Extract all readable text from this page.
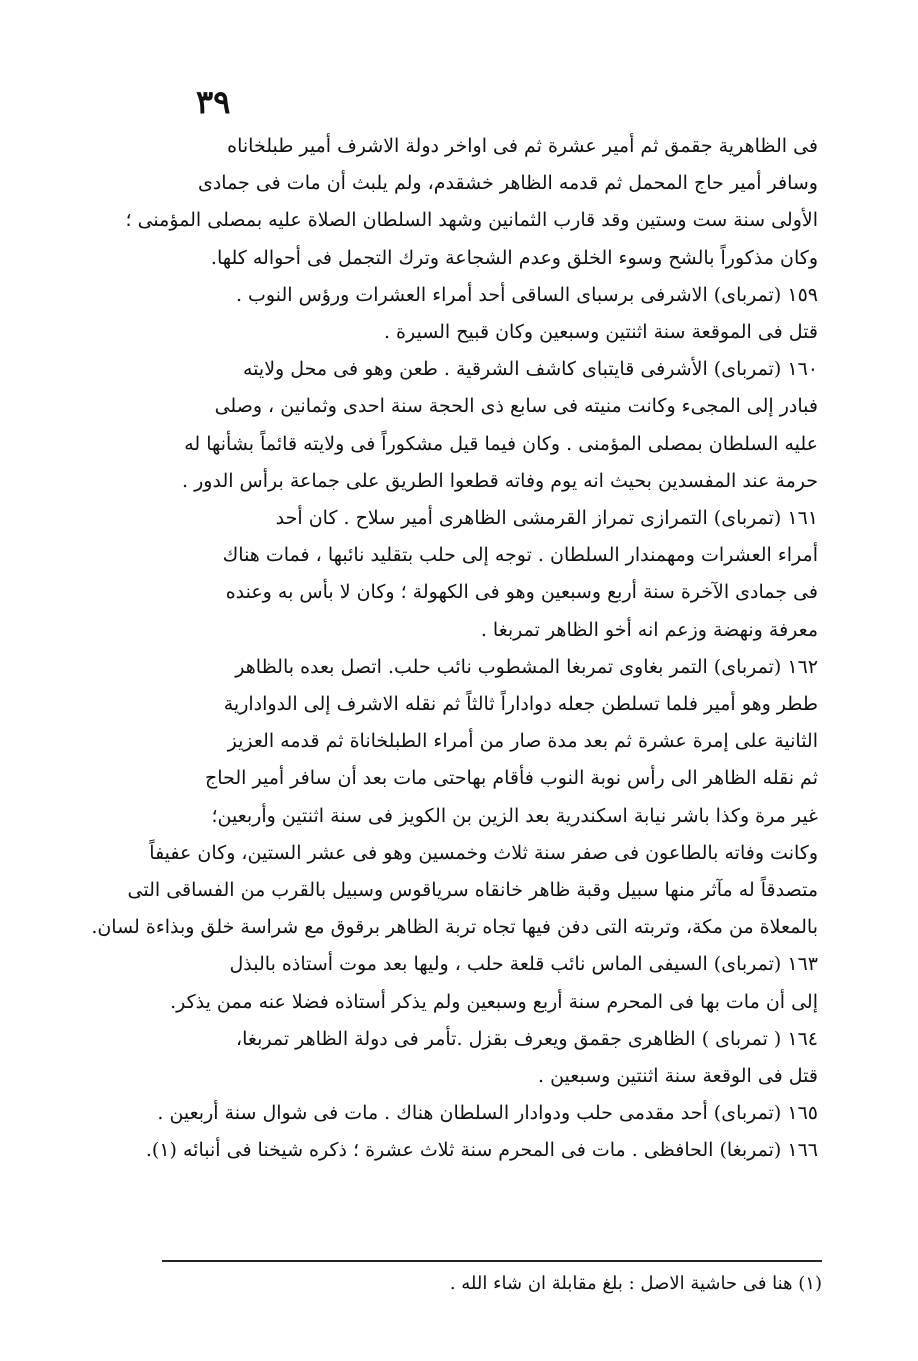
٣٩
فى الظاهرية جقمق ثم أمير عشرة ثم فى اواخر دولة الاشرف أمير طبلخاناه
وسافر أمير حاج المحمل ثم قدمه الظاهر خشقدم، ولم يلبث أن مات فى جمادى
الأولى سنة ست وستين وقد قارب الثمانين وشهد السلطان الصلاة عليه بمصلى المؤمنى ؛
وكان مذكوراً بالشح وسوء الخلق وعدم الشجاعة وترك التجمل فى أحواله كلها.
١٥٩ (تمرباى) الاشرفى برسباى الساقى أحد أمراء العشرات ورؤس النوب .
قتل فى الموقعة سنة اثنتين وسبعين وكان قبيح السيرة .
١٦٠ (تمرباى) الأشرفى قايتباى كاشف الشرقية . طعن وهو فى محل ولايته
فبادر إلى المجىء وكانت منيته فى سابع ذى الحجة سنة احدى وثمانين ، وصلى
عليه السلطان بمصلى المؤمنى . وكان فيما قيل مشكوراً فى ولايته قائماً بشأنها له
حرمة عند المفسدين بحيث انه يوم وفاته قطعوا الطريق على جماعة برأس الدور .
١٦١ (تمرباى) التمرازى تمراز القرمشى الظاهرى أمير سلاح . كان أحد
أمراء العشرات ومهمندار السلطان . توجه إلى حلب بتقليد نائبها ، فمات هناك
فى جمادى الآخرة سنة أربع وسبعين وهو فى الكهولة ؛ وكان لا بأس به وعنده
معرفة ونهضة وزعم انه أخو الظاهر تمربغا .
١٦٢ (تمرباى) التمر بغاوى تمربغا المشطوب نائب حلب. اتصل بعده بالظاهر
ططر وهو أمير فلما تسلطن جعله دواداراً ثالثاً ثم نقله الاشرف إلى الدوادارية
الثانية على إمرة عشرة ثم بعد مدة صار من أمراء الطبلخاناة ثم قدمه العزيز
ثم نقله الظاهر الى رأس نوبة النوب فأقام بهاحتى مات بعد أن سافر أمير الحاج
غير مرة وكذا باشر نيابة اسكندرية بعد الزين بن الكويز فى سنة اثنتين وأربعين؛
وكانت وفاته بالطاعون فى صفر سنة ثلاث وخمسين وهو فى عشر الستين، وكان عفيفاً
متصدقاً له مآثر منها سبيل وقبة ظاهر خانقاه سرياقوس وسبيل بالقرب من الفساقى التى
بالمعلاة من مكة، وتربته التى دفن فيها تجاه تربة الظاهر برقوق مع شراسة خلق وبذاءة لسان.
١٦٣ (تمرباى) السيفى الماس نائب قلعة حلب ، وليها بعد موت أستاذه بالبذل
إلى أن مات بها فى المحرم سنة أربع وسبعين ولم يذكر أستاذه فضلا عنه ممن يذكر.
١٦٤ ( تمرباى ) الظاهرى جقمق ويعرف بقزل .تأمر فى دولة الظاهر تمربغا،
قتل فى الوقعة سنة اثنتين وسبعين .
١٦٥ (تمرباى) أحد مقدمى حلب ودوادار السلطان هناك . مات فى شوال سنة أربعين .
١٦٦ (تمربغا) الحافظى . مات فى المحرم سنة ثلاث عشرة ؛ ذكره شيخنا فى أنبائه (١).
(١) هنا فى حاشية الاصل : بلغ مقابلة ان شاء الله .
